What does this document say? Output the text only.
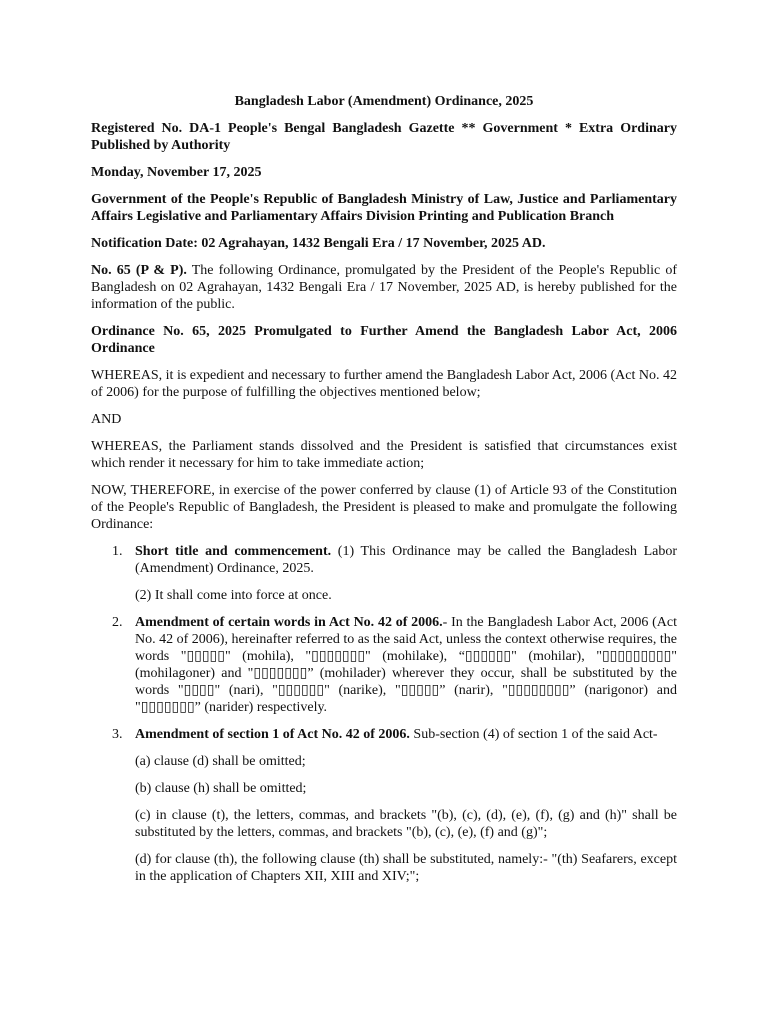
Bangladesh Labor (Amendment) Ordinance, 2025

Registered No. DA-1 People's Bengal Bangladesh Gazette ** Government * Extra Ordinary Published by Authority

Monday, November 17, 2025

Government of the People's Republic of Bangladesh Ministry of Law, Justice and Parliamentary Affairs Legislative and Parliamentary Affairs Division Printing and Publication Branch

Notification Date: 02 Agrahayan, 1432 Bengali Era / 17 November, 2025 AD.

No. 65 (P & P). The following Ordinance, promulgated by the President of the People's Republic of Bangladesh on 02 Agrahayan, 1432 Bengali Era / 17 November, 2025 AD, is hereby published for the information of the public.

Ordinance No. 65, 2025 Promulgated to Further Amend the Bangladesh Labor Act, 2006 Ordinance

WHEREAS, it is expedient and necessary to further amend the Bangladesh Labor Act, 2006 (Act No. 42 of 2006) for the purpose of fulfilling the objectives mentioned below;

AND

WHEREAS, the Parliament stands dissolved and the President is satisfied that circumstances exist which render it necessary for him to take immediate action;

NOW, THEREFORE, in exercise of the power conferred by clause (1) of Article 93 of the Constitution of the People's Republic of Bangladesh, the President is pleased to make and promulgate the following Ordinance:

1. Short title and commencement. (1) This Ordinance may be called the Bangladesh Labor (Amendment) Ordinance, 2025.
(2) It shall come into force at once.
2. Amendment of certain words in Act No. 42 of 2006.- In the Bangladesh Labor Act, 2006 (Act No. 42 of 2006), hereinafter referred to as the said Act, unless the context otherwise requires, the words "▯▯▯▯▯" (mohila), "▯▯▯▯▯▯▯" (mohilake), “▯▯▯▯▯▯" (mohilar), "▯▯▯▯▯▯▯▯▯" (mohilagoner) and "▯▯▯▯▯▯▯” (mohilader) wherever they occur, shall be substituted by the words "▯▯▯▯" (nari), "▯▯▯▯▯▯" (narike), "▯▯▯▯▯” (narir), "▯▯▯▯▯▯▯▯” (narigonor) and "▯▯▯▯▯▯▯” (narider) respectively.
3. Amendment of section 1 of Act No. 42 of 2006. Sub-section (4) of section 1 of the said Act-
(a) clause (d) shall be omitted;
(b) clause (h) shall be omitted;
(c) in clause (t), the letters, commas, and brackets "(b), (c), (d), (e), (f), (g) and (h)" shall be substituted by the letters, commas, and brackets "(b), (c), (e), (f) and (g)";
(d) for clause (th), the following clause (th) shall be substituted, namely:- "(th) Seafarers, except in the application of Chapters XII, XIII and XIV;";
